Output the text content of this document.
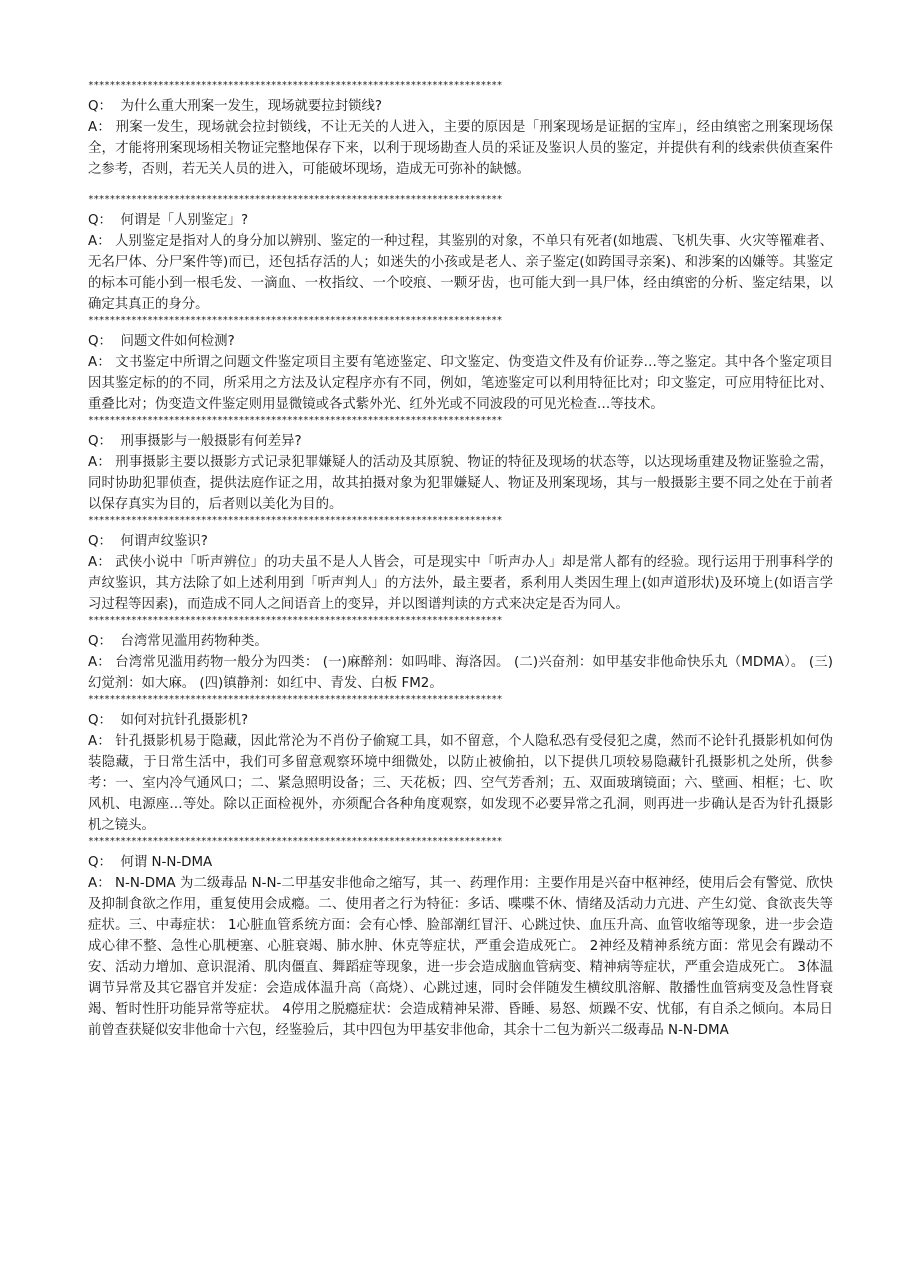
*****************************************************************************
Q：  为什么重大刑案一发生，现场就要拉封锁线?
A： 刑案一发生，现场就会拉封锁线，不让无关的人进入，主要的原因是「刑案现场是证据的宝库」，经由缜密之刑案现场保全，才能将刑案现场相关物证完整地保存下来，以利于现场勘查人员的采证及鉴识人员的鉴定，并提供有利的线索供侦查案件之参考，否则，若无关人员的进入，可能破坏现场，造成无可弥补的缺憾。
*****************************************************************************
Q：  何谓是「人别鉴定」?
A： 人别鉴定是指对人的身分加以辨别、鉴定的一种过程，其鉴别的对象，不单只有死者(如地震、飞机失事、火灾等罹难者、无名尸体、分尸案件等)而已，还包括存活的人；如迷失的小孩或是老人、亲子鉴定(如跨国寻亲案)、和涉案的凶嫌等。其鉴定的标本可能小到一根毛发、一滴血、一枚指纹、一个咬痕、一颗牙齿，也可能大到一具尸体，经由缜密的分析、鉴定结果，以确定其真正的身分。
*****************************************************************************
Q：  问题文件如何检测?
A： 文书鉴定中所谓之问题文件鉴定项目主要有笔迹鉴定、印文鉴定、伪变造文件及有价证券…等之鉴定。其中各个鉴定项目因其鉴定标的的不同，所采用之方法及认定程序亦有不同，例如，笔迹鉴定可以利用特征比对；印文鉴定，可应用特征比对、重叠比对；伪变造文件鉴定则用显微镜或各式紫外光、红外光或不同波段的可见光检查…等技术。
*****************************************************************************
Q：  刑事摄影与一般摄影有何差异?
A： 刑事摄影主要以摄影方式记录犯罪嫌疑人的活动及其原貌、物证的特征及现场的状态等，以达现场重建及物证鉴验之需，同时协助犯罪侦查，提供法庭作证之用，故其拍摄对象为犯罪嫌疑人、物证及刑案现场，其与一般摄影主要不同之处在于前者以保存真实为目的，后者则以美化为目的。
*****************************************************************************
Q：  何谓声纹鉴识?
A： 武侠小说中「听声辨位」的功夫虽不是人人皆会，可是现实中「听声办人」却是常人都有的经验。现行运用于刑事科学的声纹鉴识，其方法除了如上述利用到「听声判人」的方法外，最主要者，系利用人类因生理上(如声道形状)及环境上(如语言学习过程等因素)，而造成不同人之间语音上的变异，并以图谱判读的方式来决定是否为同人。
*****************************************************************************
Q：  台湾常见滥用药物种类。
A： 台湾常见滥用药物一般分为四类： (一)麻醉剂：如吗啡、海洛因。 (二)兴奋剂：如甲基安非他命快乐丸（MDMA）。 (三)幻觉剂：如大麻。 (四)镇静剂：如红中、青发、白板 FM2。
*****************************************************************************
Q：  如何对抗针孔摄影机?
A： 针孔摄影机易于隐藏，因此常沦为不肖份子偷窥工具，如不留意，个人隐私恐有受侵犯之虞，然而不论针孔摄影机如何伪装隐藏，于日常生活中，我们可多留意观察环境中细微处，以防止被偷拍，以下提供几项较易隐藏针孔摄影机之处所，供参考：一、室内冷气通风口；二、紧急照明设备；三、天花板；四、空气芳香剂；五、双面玻璃镜面；六、壁画、相框；七、吹风机、电源座…等处。除以正面检视外，亦须配合各种角度观察，如发现不必要异常之孔洞，则再进一步确认是否为针孔摄影机之镜头。
*****************************************************************************
Q：  何谓 N-N-DMA
A： N-N-DMA 为二级毒品 N-N-二甲基安非他命之缩写，其一、药理作用：主要作用是兴奋中枢神经，使用后会有警觉、欣快及抑制食欲之作用，重复使用会成瘾。二、使用者之行为特征：多话、喋喋不休、情绪及活动力亢进、产生幻觉、食欲丧失等症状。三、中毒症状： 1心脏血管系统方面：会有心悸、脸部潮红冒汗、心跳过快、血压升高、血管收缩等现象，进一步会造成心律不整、急性心肌梗塞、心脏衰竭、肺水肿、休克等症状，严重会造成死亡。 2神经及精神系统方面：常见会有躁动不安、活动力增加、意识混淆、肌肉僵直、舞蹈症等现象，进一步会造成脑血管病变、精神病等症状，严重会造成死亡。 3体温调节异常及其它器官并发症：会造成体温升高（高烧）、心跳过速，同时会伴随发生横纹肌溶解、散播性血管病变及急性肾衰竭、暂时性肝功能异常等症状。 4停用之脱瘾症状：会造成精神呆滞、昏睡、易怒、烦躁不安、忧郁，有自杀之倾向。本局日前曾查获疑似安非他命十六包，经鉴验后，其中四包为甲基安非他命，其余十二包为新兴二级毒品 N-N-DMA
